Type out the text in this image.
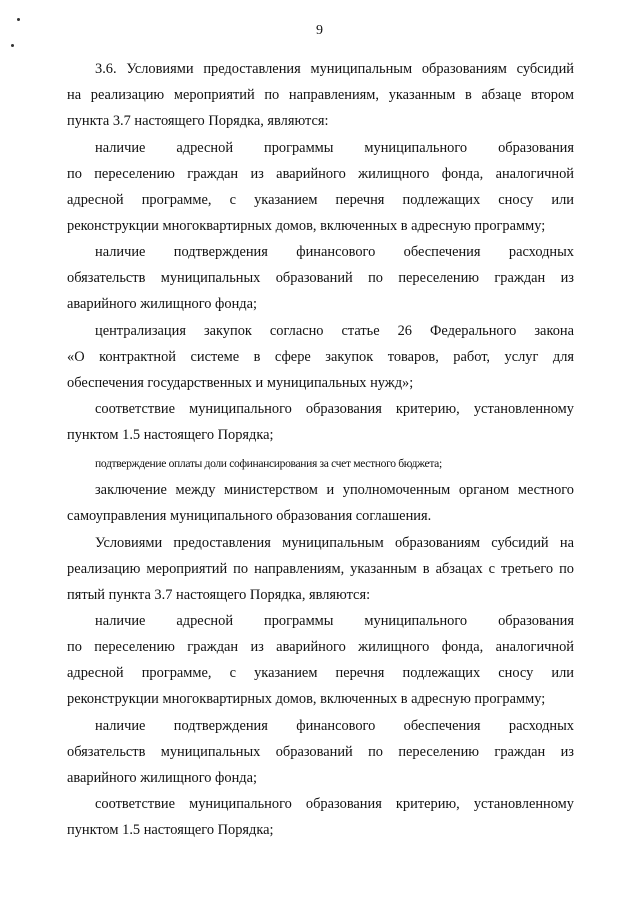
9
3.6. Условиями предоставления муниципальным образованиям субсидий
на реализацию мероприятий по направлениям, указанным в абзаце втором
пункта 3.7 настоящего Порядка, являются:
наличие адресной программы муниципального образования
по переселению граждан из аварийного жилищного фонда, аналогичной
адресной программе, с указанием перечня подлежащих сносу или
реконструкции многоквартирных домов, включенных в адресную программу;
наличие подтверждения финансового обеспечения расходных
обязательств муниципальных образований по переселению граждан из
аварийного жилищного фонда;
централизация закупок согласно статье 26 Федерального закона
«О контрактной системе в сфере закупок товаров, работ, услуг для
обеспечения государственных и муниципальных нужд»;
соответствие муниципального образования критерию, установленному
пунктом 1.5 настоящего Порядка;
подтверждение оплаты доли софинансирования за счет местного бюджета;
заключение между министерством и уполномоченным органом местного
самоуправления муниципального образования соглашения.
Условиями предоставления муниципальным образованиям субсидий на
реализацию мероприятий по направлениям, указанным в абзацах с третьего по
пятый пункта 3.7 настоящего Порядка, являются:
наличие адресной программы муниципального образования
по переселению граждан из аварийного жилищного фонда, аналогичной
адресной программе, с указанием перечня подлежащих сносу или
реконструкции многоквартирных домов, включенных в адресную программу;
наличие подтверждения финансового обеспечения расходных
обязательств муниципальных образований по переселению граждан из
аварийного жилищного фонда;
соответствие муниципального образования критерию, установленному
пунктом 1.5 настоящего Порядка;
